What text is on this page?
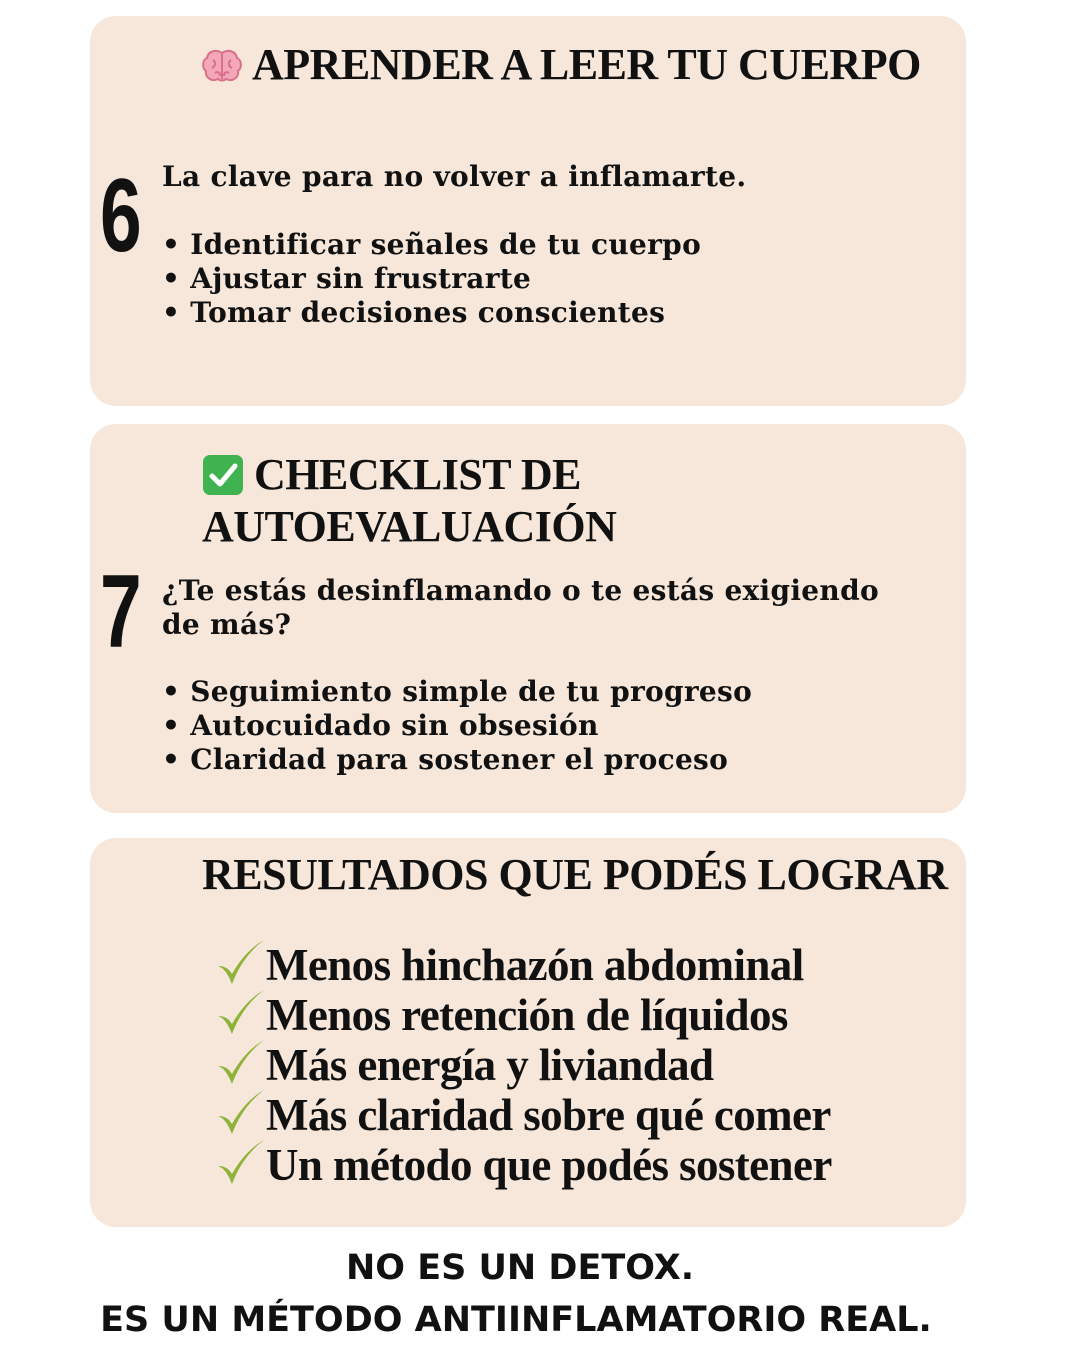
APRENDER A LEER TU CUERPO
6 La clave para no volver a inflamarte.
• Identificar señales de tu cuerpo
• Ajustar sin frustrarte
• Tomar decisiones conscientes
CHECKLIST DE
AUTOEVALUACIÓN
7 ¿Te estás desinflamando o te estás exigiendo de más?
• Seguimiento simple de tu progreso
• Autocuidado sin obsesión
• Claridad para sostener el proceso
RESULTADOS QUE PODÉS LOGRAR
Menos hinchazón abdominal
Menos retención de líquidos
Más energía y liviandad
Más claridad sobre qué comer
Un método que podés sostener
NO ES UN DETOX.
ES UN MÉTODO ANTIINFLAMATORIO REAL.
